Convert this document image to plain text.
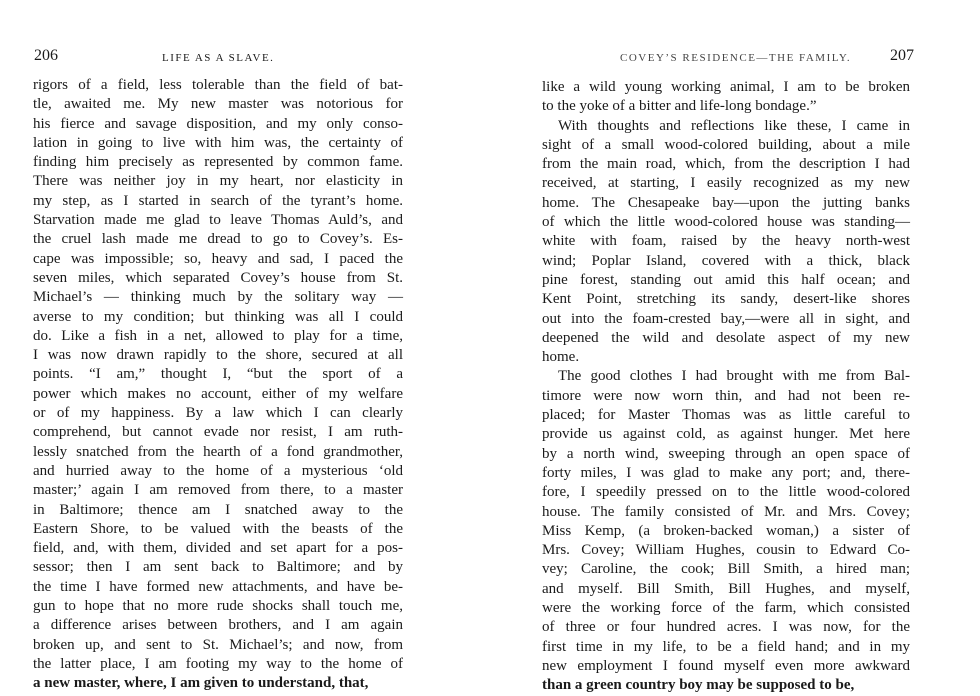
206	LIFE AS A SLAVE.
rigors of a field, less tolerable than the field of bat-
tle, awaited me. My new master was notorious for
his fierce and savage disposition, and my only conso-
lation in going to live with him was, the certainty of
finding him precisely as represented by common fame.
There was neither joy in my heart, nor elasticity in
my step, as I started in search of the tyrant’s home.
Starvation made me glad to leave Thomas Auld’s, and
the cruel lash made me dread to go to Covey’s. Es-
cape was impossible; so, heavy and sad, I paced the
seven miles, which separated Covey’s house from St.
Michael’s — thinking much by the solitary way —
averse to my condition; but thinking was all I could
do. Like a fish in a net, allowed to play for a time,
I was now drawn rapidly to the shore, secured at all
points. “I am,” thought I, “but the sport of a
power which makes no account, either of my welfare
or of my happiness. By a law which I can clearly
comprehend, but cannot evade nor resist, I am ruth-
lessly snatched from the hearth of a fond grandmother,
and hurried away to the home of a mysterious ‘old
master;’ again I am removed from there, to a master
in Baltimore; thence am I snatched away to the
Eastern Shore, to be valued with the beasts of the
field, and, with them, divided and set apart for a pos-
sessor; then I am sent back to Baltimore; and by
the time I have formed new attachments, and have be-
gun to hope that no more rude shocks shall touch me,
a difference arises between brothers, and I am again
broken up, and sent to St. Michael’s; and now, from
the latter place, I am footing my way to the home of
a new master, where, I am given to understand, that,
COVEY’S RESIDENCE—THE FAMILY. 207
like a wild young working animal, I am to be broken
to the yoke of a bitter and life-long bondage.”
With thoughts and reflections like these, I came in
sight of a small wood-colored building, about a mile
from the main road, which, from the description I had
received, at starting, I easily recognized as my new
home. The Chesapeake bay—upon the jutting banks
of which the little wood-colored house was standing—
white with foam, raised by the heavy north-west
wind; Poplar Island, covered with a thick, black
pine forest, standing out amid this half ocean; and
Kent Point, stretching its sandy, desert-like shores
out into the foam-crested bay,—were all in sight, and
deepened the wild and desolate aspect of my new
home.
The good clothes I had brought with me from Bal-
timore were now worn thin, and had not been re-
placed; for Master Thomas was as little careful to
provide us against cold, as against hunger. Met here
by a north wind, sweeping through an open space of
forty miles, I was glad to make any port; and, there-
fore, I speedily pressed on to the little wood-colored
house. The family consisted of Mr. and Mrs. Covey;
Miss Kemp, (a broken-backed woman,) a sister of
Mrs. Covey; William Hughes, cousin to Edward Co-
vey; Caroline, the cook; Bill Smith, a hired man;
and myself. Bill Smith, Bill Hughes, and myself,
were the working force of the farm, which consisted
of three or four hundred acres. I was now, for the
first time in my life, to be a field hand; and in my
new employment I found myself even more awkward
than a green country boy may be supposed to be,
